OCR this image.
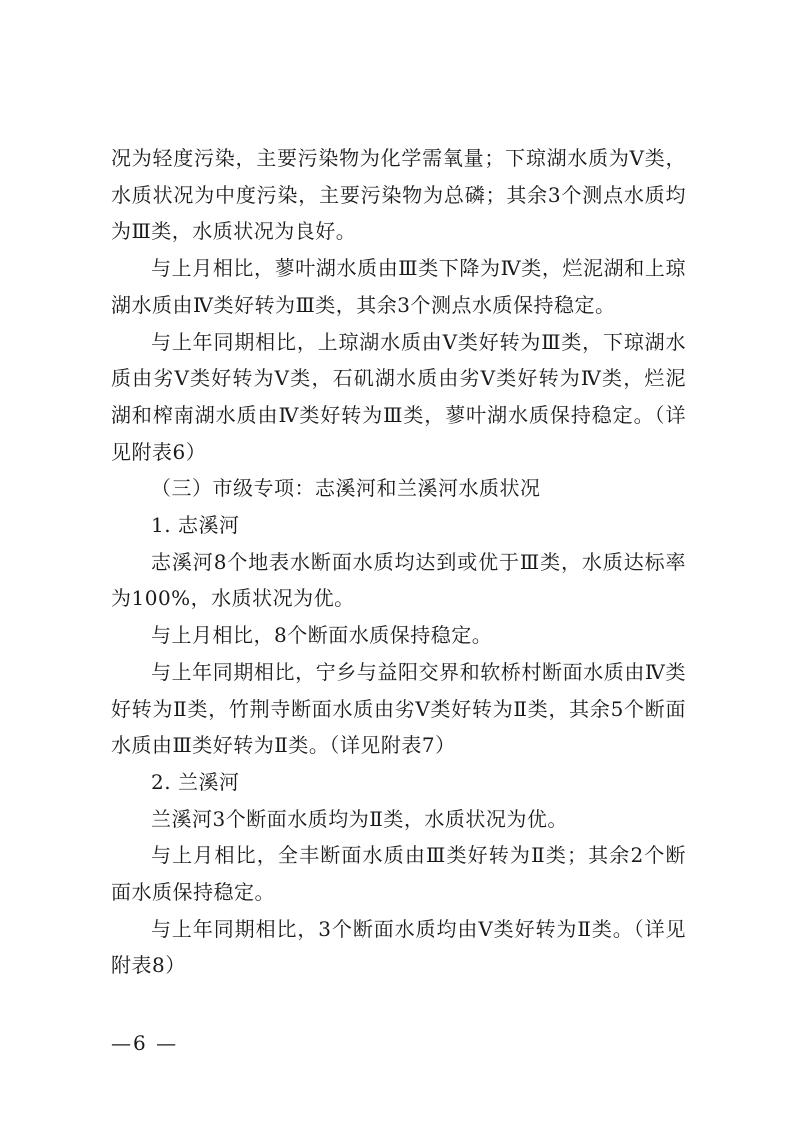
况为轻度污染，主要污染物为化学需氧量；下琼湖水质为Ⅴ类，水质状况为中度污染，主要污染物为总磷；其余3个测点水质均为Ⅲ类，水质状况为良好。

与上月相比，蓼叶湖水质由Ⅲ类下降为Ⅳ类，烂泥湖和上琼湖水质由Ⅳ类好转为Ⅲ类，其余3个测点水质保持稳定。

与上年同期相比，上琼湖水质由Ⅴ类好转为Ⅲ类，下琼湖水质由劣Ⅴ类好转为Ⅴ类，石矶湖水质由劣Ⅴ类好转为Ⅳ类，烂泥湖和榨南湖水质由Ⅳ类好转为Ⅲ类，蓼叶湖水质保持稳定。（详见附表6）

（三）市级专项：志溪河和兰溪河水质状况

1. 志溪河

志溪河8个地表水断面水质均达到或优于Ⅲ类，水质达标率为100%，水质状况为优。

与上月相比，8个断面水质保持稳定。

与上年同期相比，宁乡与益阳交界和软桥村断面水质由Ⅳ类好转为Ⅱ类，竹荆寺断面水质由劣Ⅴ类好转为Ⅱ类，其余5个断面水质由Ⅲ类好转为Ⅱ类。（详见附表7）

2. 兰溪河

兰溪河3个断面水质均为Ⅱ类，水质状况为优。

与上月相比，全丰断面水质由Ⅲ类好转为Ⅱ类；其余2个断面水质保持稳定。

与上年同期相比，3个断面水质均由Ⅴ类好转为Ⅱ类。（详见附表8）

—6 —
